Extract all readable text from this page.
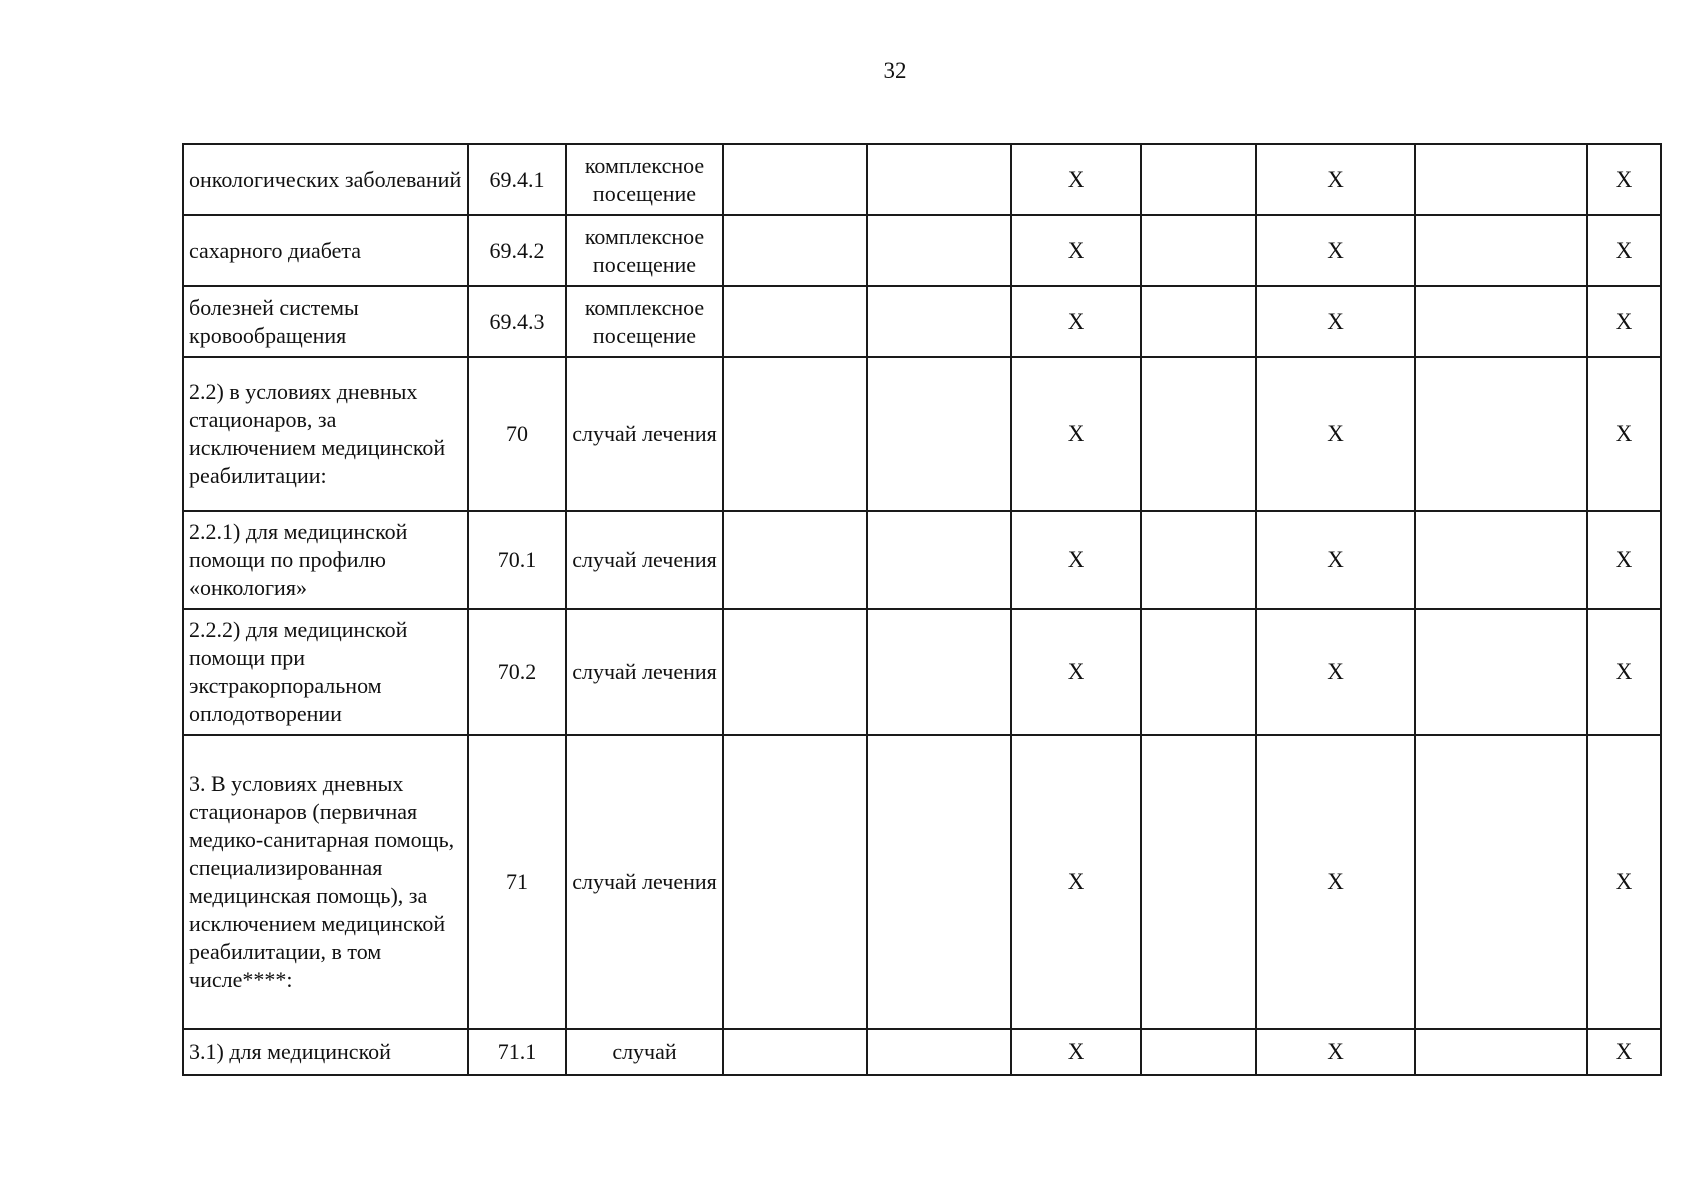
32
онкологических заболеваний	69.4.1	комплексное посещение			X		X		X
сахарного диабета	69.4.2	комплексное посещение			X		X		X
болезней системы кровообращения	69.4.3	комплексное посещение			X		X		X
2.2) в условиях дневных стационаров, за исключением медицинской реабилитации:	70	случай лечения			X		X		X
2.2.1) для медицинской помощи по профилю «онкология»	70.1	случай лечения			X		X		X
2.2.2) для медицинской помощи при экстракорпоральном оплодотворении	70.2	случай лечения			X		X		X
3. В условиях дневных стационаров (первичная медико-санитарная помощь, специализированная медицинская помощь), за исключением медицинской реабилитации, в том числе****:	71	случай лечения			X		X		X
3.1) для медицинской	71.1	случай			X		X		X
